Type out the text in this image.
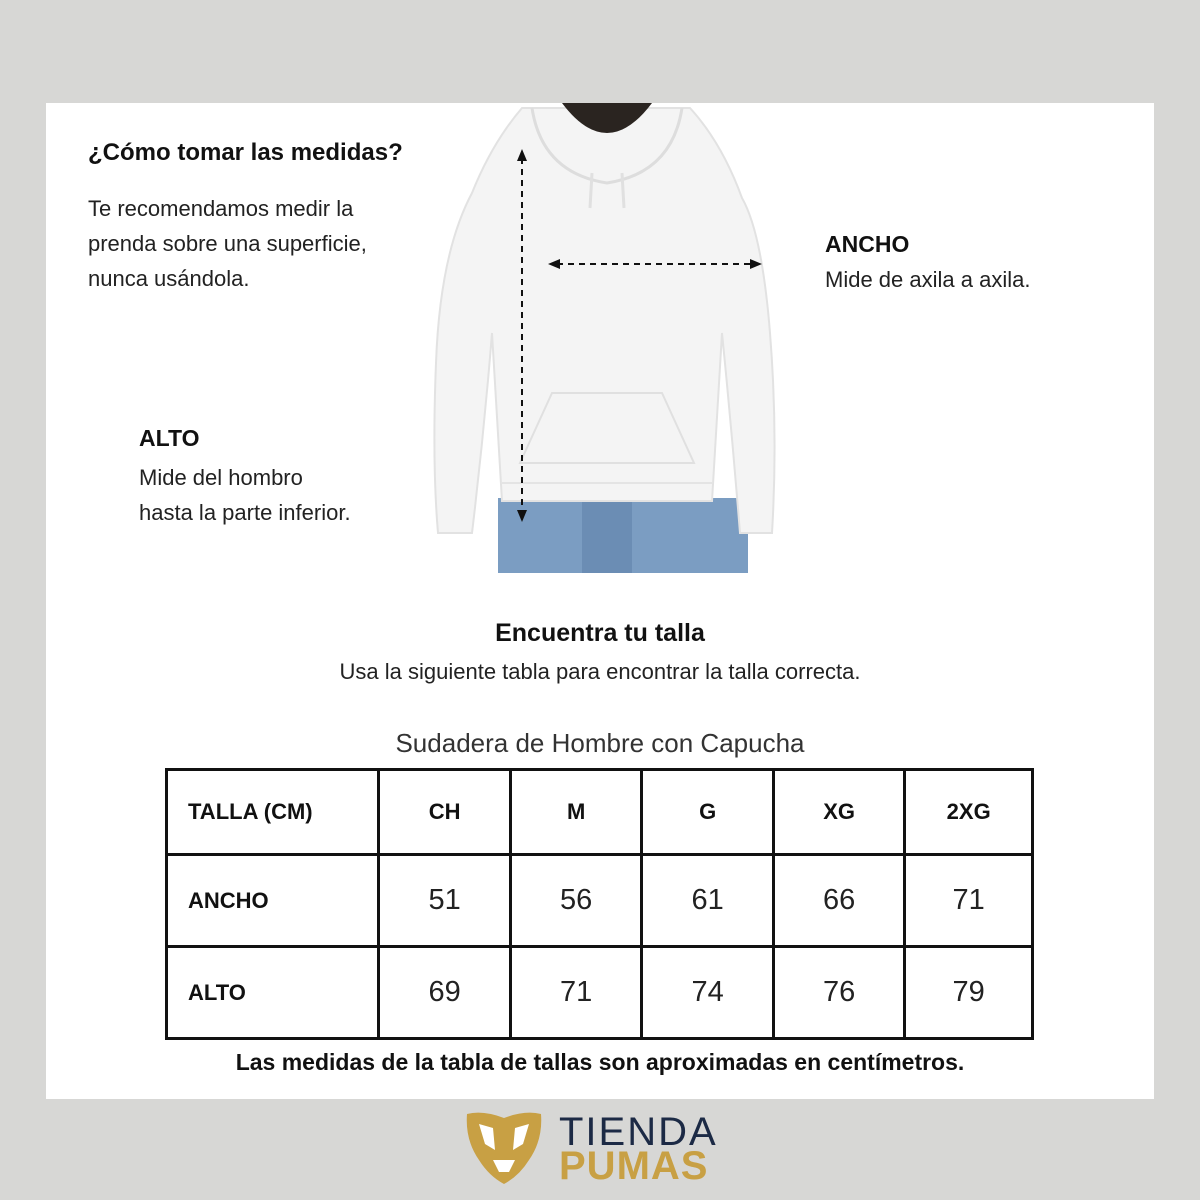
¿Cómo tomar las medidas?
Te recomendamos medir la
prenda sobre una superficie,
nunca usándola.
ANCHO
Mide de axila a axila.
ALTO
Mide del hombro
hasta la parte inferior.
Encuentra tu talla
Usa la siguiente tabla para encontrar la talla correcta.
Sudadera de Hombre con Capucha
TALLA (CM)	CH	M	G	XG	2XG
ANCHO	51	56	61	66	71
ALTO	69	71	74	76	79
Las medidas de la tabla de tallas son aproximadas en centímetros.
TIENDA
PUMAS
